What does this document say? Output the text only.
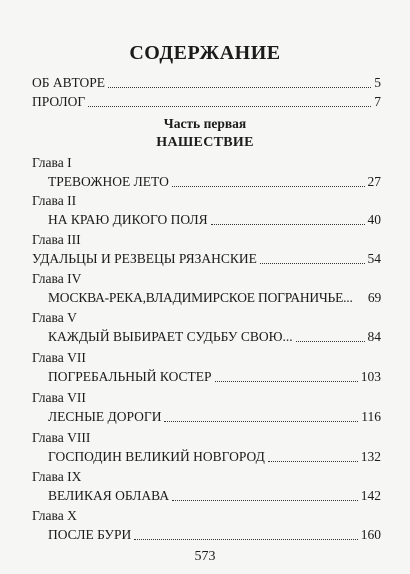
СОДЕРЖАНИЕ
ОБ АВТОРЕ	5
ПРОЛОГ	7
Часть первая
НАШЕСТВИЕ
Глава I
ТРЕВОЖНОЕ ЛЕТО	27
Глава II
НА КРАЮ ДИКОГО ПОЛЯ	40
Глава III
УДАЛЬЦЫ И РЕЗВЕЦЫ РЯЗАНСКИЕ	54
Глава IV
МОСКВА-РЕКА,ВЛАДИМИРСКОЕ ПОГРАНИЧЬЕ... 69
Глава V
КАЖДЫЙ ВЫБИРАЕТ СУДЬБУ СВОЮ...	84
Глава VII
ПОГРЕБАЛЬНЫЙ КОСТЕР	103
Глава VII
ЛЕСНЫЕ ДОРОГИ	116
Глава VIII
ГОСПОДИН ВЕЛИКИЙ НОВГОРОД	132
Глава IX
ВЕЛИКАЯ ОБЛАВА	142
Глава X
ПОСЛЕ БУРИ	160
573
